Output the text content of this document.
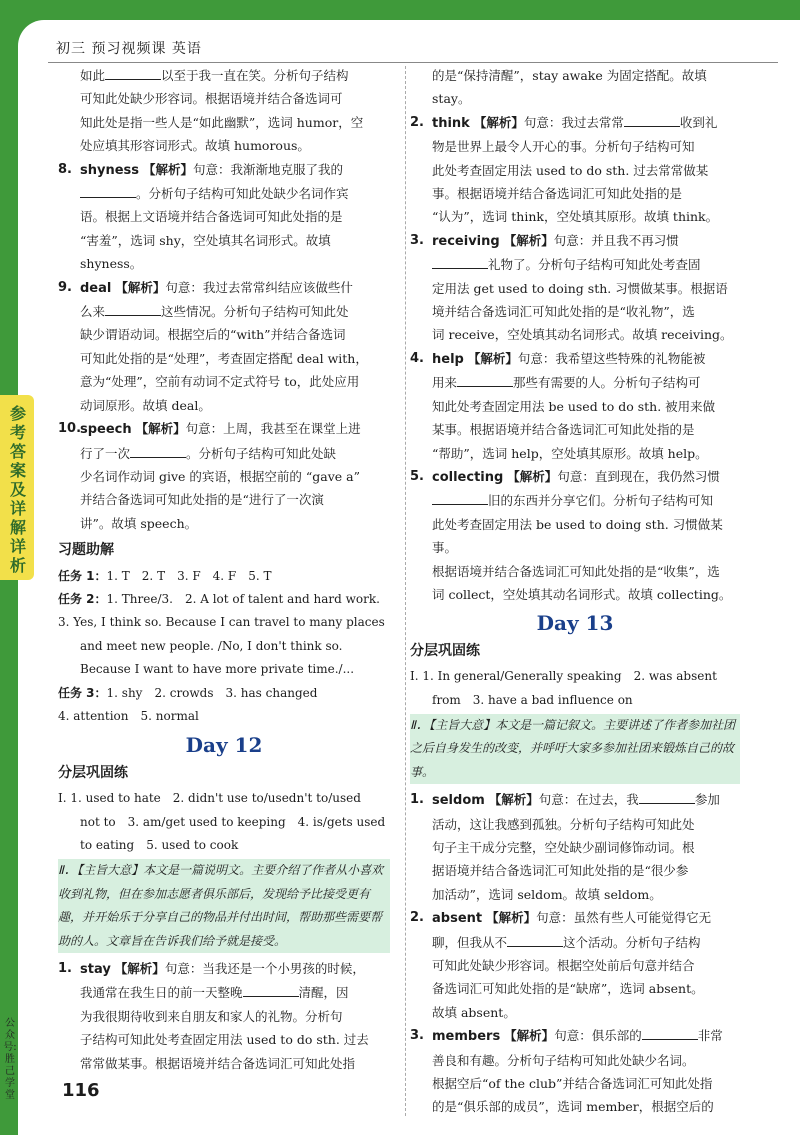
初三 预习视频课 英语
参考答案及详解详析
公众号:胜己学堂	116

如此	以至于我一直在笑。分析句子结构

可知此处缺少形容词。根据语境并结合备选词可

知此处是指一些人是“如此幽默”，选词 humor，空

处应填其形容词形式。故填 humorous。

8. shyness 【解析】句意：我渐渐地克服了我的

。分析句子结构可知此处缺少名词作宾

语。根据上文语境并结合备选词可知此处指的是

“害羞”，选词 shy，空处填其名词形式。故填 shyness。

9. deal 【解析】句意：我过去常常纠结应该做些什

么来	这些情况。分析句子结构可知此处

缺少谓语动词。根据空后的“with”并结合备选词

可知此处指的是“处理”，考查固定搭配 deal with，

意为“处理”，空前有动词不定式符号 to，此处应用

动词原形。故填 deal。

10.

speech 【解析】句意：上周，我甚至在课堂上进

行了一次	。分析句子结构可知此处缺

少名词作动词 give 的宾语，根据空前的 “gave a”

并结合备选词可知此处指的是“进行了一次演

讲”。故填 speech。

习题助解

任务 1：1. T　2. T　3. F　4. F　5. T

任务 2：1. Three/3.　2. A lot of talent and hard work.

3. Yes, I think so. Because I can travel to many places

and meet new people. /No, I don't think so.

Because I want to have more private time./...

任务 3：1. shy　2. crowds　3. has changed

4. attention　5. normal

Day 12
分层巩固练

Ⅰ. 1. used to hate　2. didn't use to/usedn't to/used

not to　3. am/get used to keeping　4. is/gets used

to eating　5. used to cook

Ⅱ.【主旨大意】本文是一篇说明文。主要介绍了作者从小喜欢收到礼物，但在参加志愿者俱乐部后，发现给予比接受更有趣，并开始乐于分享自己的物品并付出时间，帮助那些需要帮助的人。文章旨在告诉我们给予就是接受。
1. stay 【解析】句意：当我还是一个小男孩的时候，

我通常在我生日的前一天整晚	清醒，因

为我很期待收到来自朋友和家人的礼物。分析句

子结构可知此处考查固定用法 used to do sth. 过去

常常做某事。根据语境并结合备选词汇可知此处指

的是“保持清醒”，stay awake 为固定搭配。故填 stay。

2. think 【解析】句意：我过去常常	收到礼

物是世界上最令人开心的事。分析句子结构可知

此处考查固定用法 used to do sth. 过去常常做某

事。根据语境并结合备选词汇可知此处指的是

“认为”，选词 think，空处填其原形。故填 think。

3. receiving 【解析】句意：并且我不再习惯

礼物了。分析句子结构可知此处考查固

定用法 get used to doing sth. 习惯做某事。根据语

境并结合备选词汇可知此处指的是“收礼物”，选

词 receive，空处填其动名词形式。故填 receiving。

4. help 【解析】句意：我希望这些特殊的礼物能被

用来	那些有需要的人。分析句子结构可

知此处考查固定用法 be used to do sth. 被用来做

某事。根据语境并结合备选词汇可知此处指的是

“帮助”，选词 help，空处填其原形。故填 help。

5. collecting 【解析】句意：直到现在，我仍然习惯

旧的东西并分享它们。分析句子结构可知

此处考查固定用法 be used to doing sth. 习惯做某事。

根据语境并结合备选词汇可知此处指的是“收集”，选

词 collect，空处填其动名词形式。故填 collecting。

Day 13
分层巩固练

Ⅰ. 1. In general/Generally speaking　2. was absent

from　3. have a bad influence on

Ⅱ.【主旨大意】本文是一篇记叙文。主要讲述了作者参加社团之后自身发生的改变，并呼吁大家多参加社团来锻炼自己的故事。
1. seldom 【解析】句意：在过去，我	参加

活动，这让我感到孤独。分析句子结构可知此处

句子主干成分完整，空处缺少副词修饰动词。根

据语境并结合备选词汇可知此处指的是“很少参

加活动”，选词 seldom。故填 seldom。

2. absent 【解析】句意：虽然有些人可能觉得它无

聊，但我从不	这个活动。分析句子结构

可知此处缺少形容词。根据空处前后句意并结合

备选词汇可知此处指的是“缺席”，选词 absent。

故填 absent。

3. members 【解析】句意：俱乐部的	非常

善良和有趣。分析句子结构可知此处缺少名词。

根据空后“of the club”并结合备选词汇可知此处指

的是“俱乐部的成员”，选词 member，根据空后的
